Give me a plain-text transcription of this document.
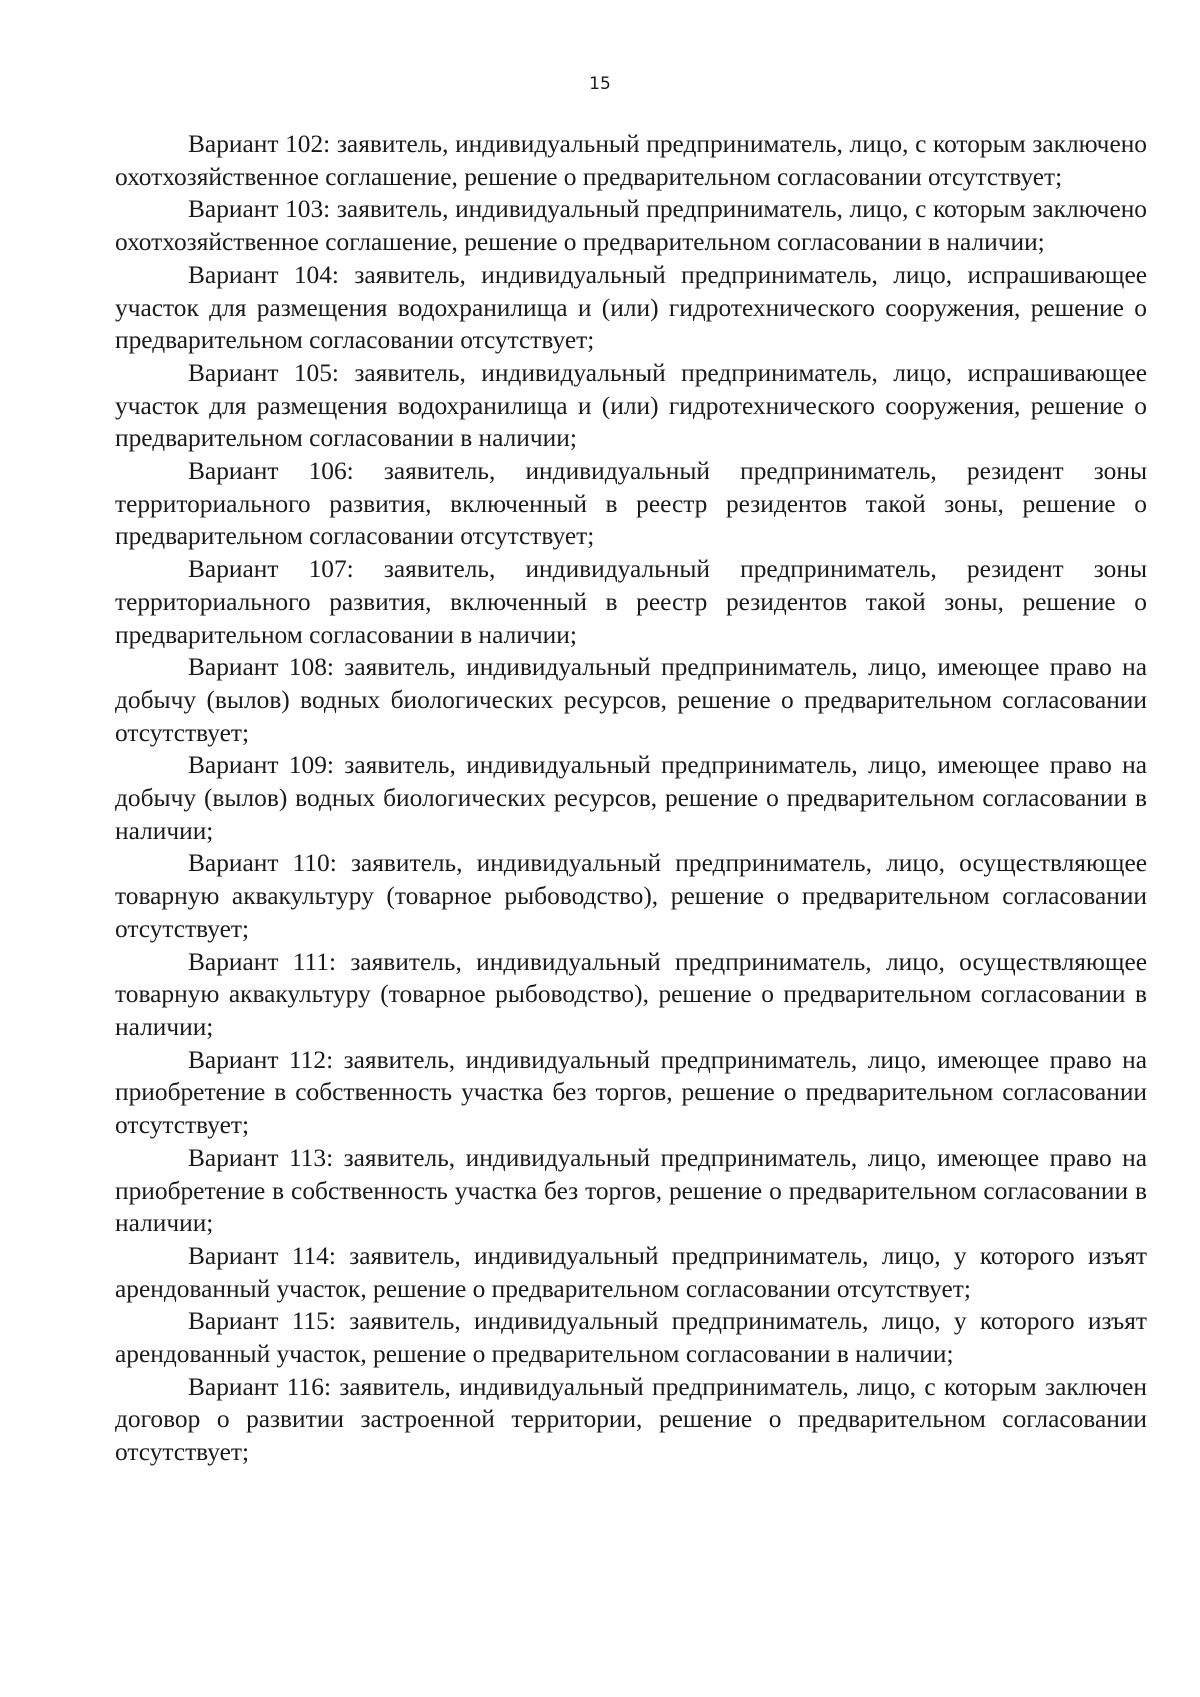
15

Вариант 102: заявитель, индивидуальный предприниматель, лицо, с которым заключено охотхозяйственное соглашение, решение о предварительном согласовании отсутствует;

Вариант 103: заявитель, индивидуальный предприниматель, лицо, с которым заключено охотхозяйственное соглашение, решение о предварительном согласовании в наличии;

Вариант 104: заявитель, индивидуальный предприниматель, лицо, испрашивающее участок для размещения водохранилища и (или) гидротехнического сооружения, решение о предварительном согласовании отсутствует;

Вариант 105: заявитель, индивидуальный предприниматель, лицо, испрашивающее участок для размещения водохранилища и (или) гидротехнического сооружения, решение о предварительном согласовании в наличии;

Вариант 106: заявитель, индивидуальный предприниматель, резидент зоны территориального развития, включенный в реестр резидентов такой зоны, решение о предварительном согласовании отсутствует;

Вариант 107: заявитель, индивидуальный предприниматель, резидент зоны территориального развития, включенный в реестр резидентов такой зоны, решение о предварительном согласовании в наличии;

Вариант 108: заявитель, индивидуальный предприниматель, лицо, имеющее право на добычу (вылов) водных биологических ресурсов, решение о предварительном согласовании отсутствует;

Вариант 109: заявитель, индивидуальный предприниматель, лицо, имеющее право на добычу (вылов) водных биологических ресурсов, решение о предварительном согласовании в наличии;

Вариант 110: заявитель, индивидуальный предприниматель, лицо, осуществляющее товарную аквакультуру (товарное рыбоводство), решение о предварительном согласовании отсутствует;

Вариант 111: заявитель, индивидуальный предприниматель, лицо, осуществляющее товарную аквакультуру (товарное рыбоводство), решение о предварительном согласовании в наличии;

Вариант 112: заявитель, индивидуальный предприниматель, лицо, имеющее право на приобретение в собственность участка без торгов, решение о предварительном согласовании отсутствует;

Вариант 113: заявитель, индивидуальный предприниматель, лицо, имеющее право на приобретение в собственность участка без торгов, решение о предварительном согласовании в наличии;

Вариант 114: заявитель, индивидуальный предприниматель, лицо, у которого изъят арендованный участок, решение о предварительном согласовании отсутствует;

Вариант 115: заявитель, индивидуальный предприниматель, лицо, у которого изъят арендованный участок, решение о предварительном согласовании в наличии;

Вариант 116: заявитель, индивидуальный предприниматель, лицо, с которым заключен договор о развитии застроенной территории, решение о предварительном согласовании отсутствует;
